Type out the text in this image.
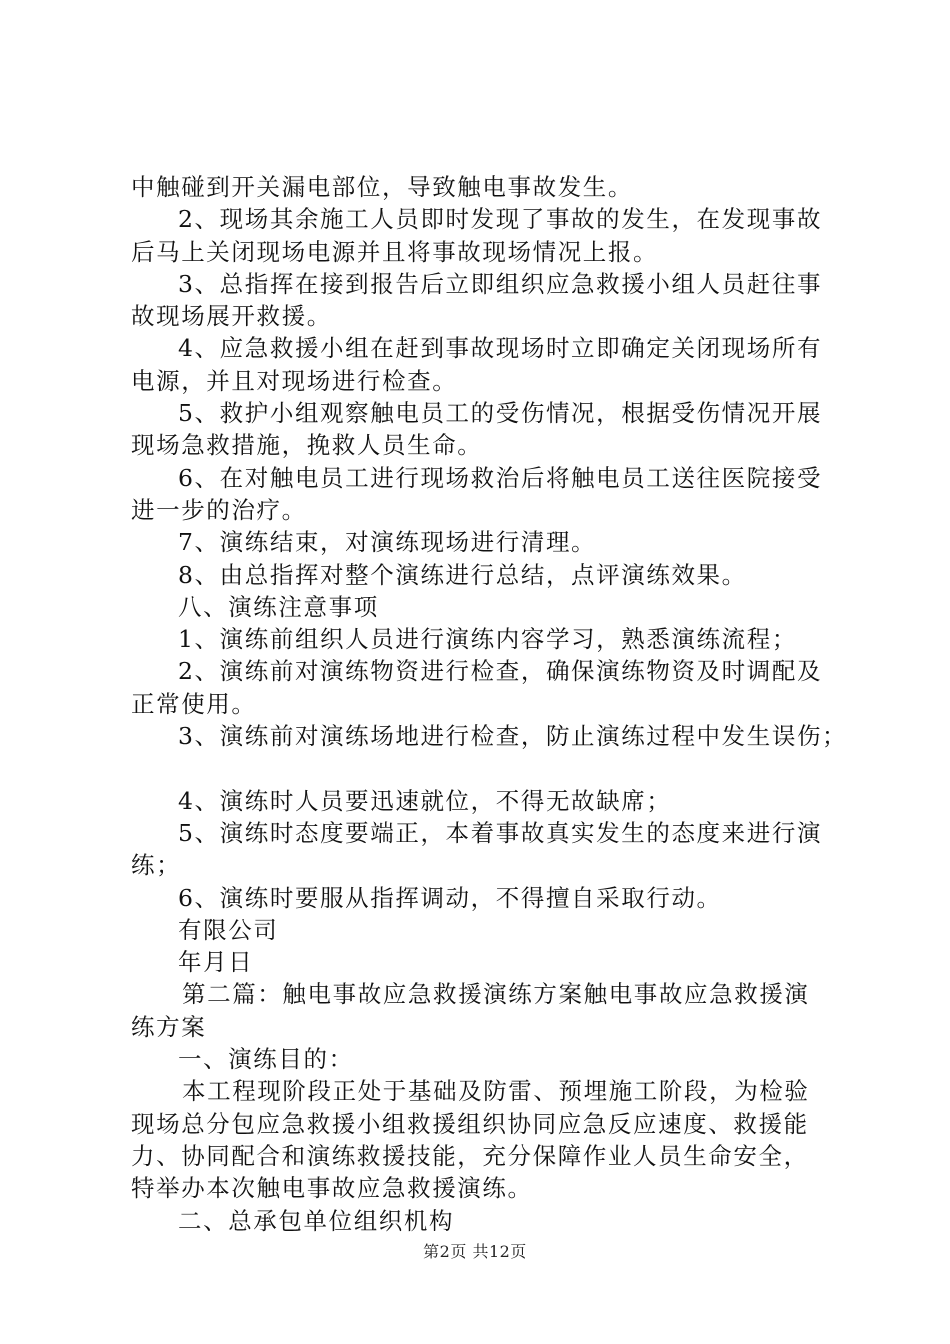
中触碰到开关漏电部位，导致触电事故发生。
2、现场其余施工人员即时发现了事故的发生，在发现事故
后马上关闭现场电源并且将事故现场情况上报。
3、总指挥在接到报告后立即组织应急救援小组人员赶往事
故现场展开救援。
4、应急救援小组在赶到事故现场时立即确定关闭现场所有
电源，并且对现场进行检查。
5、救护小组观察触电员工的受伤情况，根据受伤情况开展
现场急救措施，挽救人员生命。
6、在对触电员工进行现场救治后将触电员工送往医院接受
进一步的治疗。
7、演练结束，对演练现场进行清理。
8、由总指挥对整个演练进行总结，点评演练效果。
八、演练注意事项
1、演练前组织人员进行演练内容学习，熟悉演练流程；
2、演练前对演练物资进行检查，确保演练物资及时调配及
正常使用。
3、演练前对演练场地进行检查，防止演练过程中发生误伤；
4、演练时人员要迅速就位，不得无故缺席；
5、演练时态度要端正，本着事故真实发生的态度来进行演
练；
6、演练时要服从指挥调动，不得擅自采取行动。
有限公司
年月日
第二篇：触电事故应急救援演练方案触电事故应急救援演
练方案
一、演练目的：
本工程现阶段正处于基础及防雷、预埋施工阶段，为检验
现场总分包应急救援小组救援组织协同应急反应速度、救援能
力、协同配合和演练救援技能，充分保障作业人员生命安全，
特举办本次触电事故应急救援演练。
二、总承包单位组织机构
第2页 共12页
